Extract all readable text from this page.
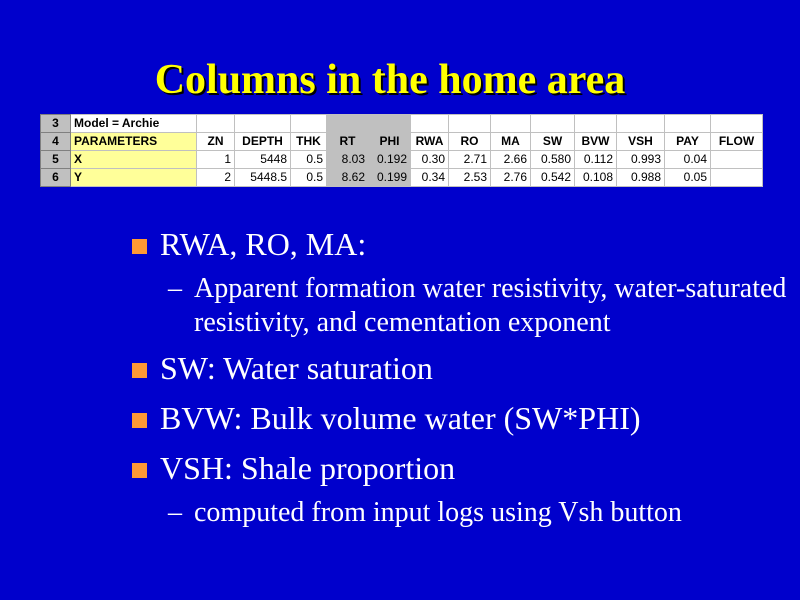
Columns in the home area
3	Model = Archie													
4	PARAMETERS	ZN	DEPTH	THK	RT	PHI	RWA	RO	MA	SW	BVW	VSH	PAY	FLOW
5	X	1	5448	0.5	8.03	0.192	0.30	2.71	2.66	0.580	0.112	0.993	0.04	
6	Y	2	5448.5	0.5	8.62	0.199	0.34	2.53	2.76	0.542	0.108	0.988	0.05	
RWA, RO, MA:
– Apparent formation water resistivity, water-saturated resistivity, and cementation exponent
SW: Water saturation
BVW: Bulk volume water (SW*PHI)
VSH: Shale proportion
– computed from input logs using Vsh button
